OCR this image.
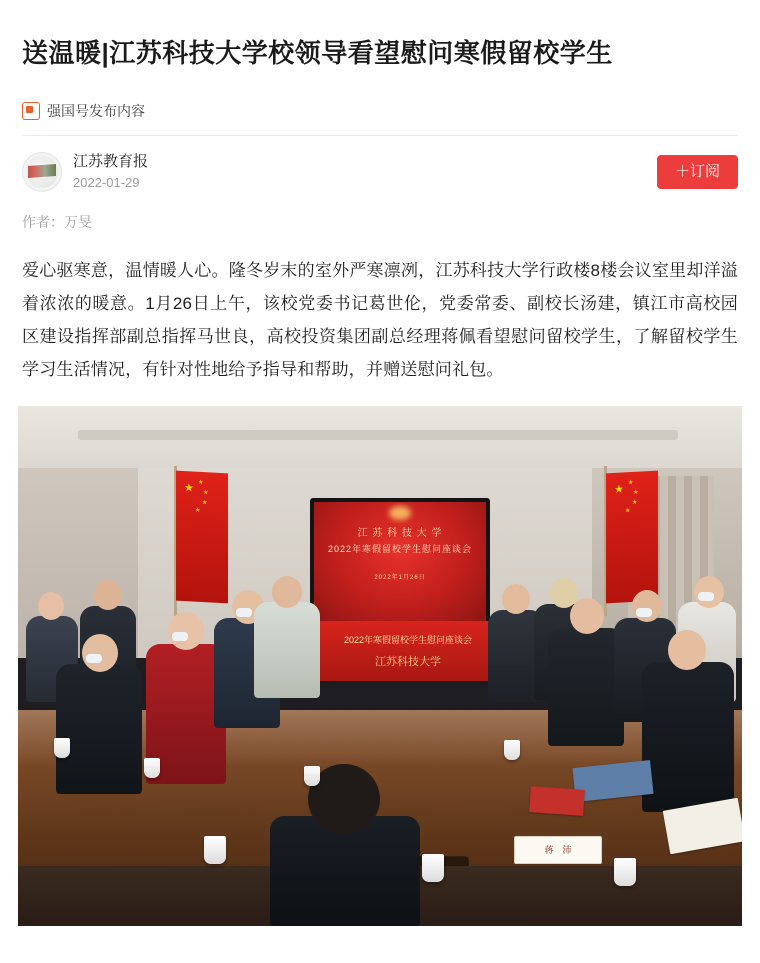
送温暖|江苏科技大学校领导看望慰问寒假留校学生
强国号发布内容
江苏教育报
2022-01-29
＋订阅
作者：万旻
爱心驱寒意，温情暖人心。隆冬岁末的室外严寒凛冽，江苏科技大学行政楼8楼会议室里却洋溢着浓浓的暖意。1月26日上午，该校党委书记葛世伦，党委常委、副校长汤建，镇江市高校园区建设指挥部副总指挥马世良，高校投资集团副总经理蒋佩看望慰问留校学生，了解留校学生学习生活情况，有针对性地给予指导和帮助，并赠送慰问礼包。
★ ★
★
★
★
★
★
★
★
★
江 苏 科 技 大 学
2022年寒假留校学生慰问座谈会
2022年1月26日
2022年寒假留校学生慰问座谈会
江苏科技大学
蒋　沛
